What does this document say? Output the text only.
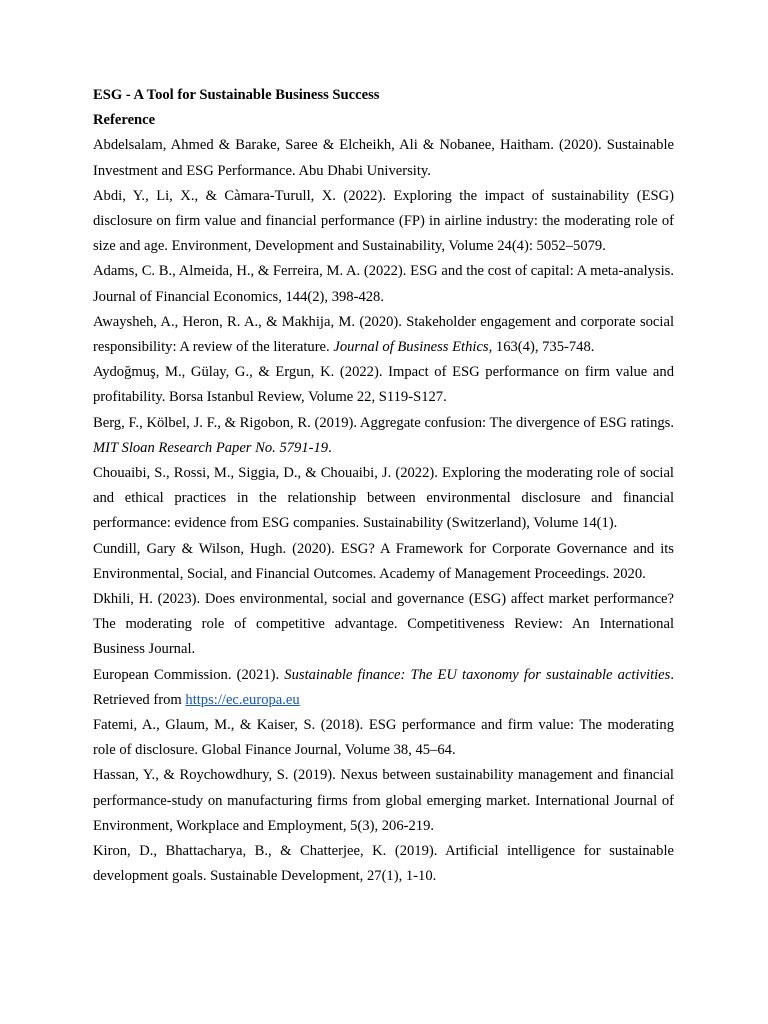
ESG - A Tool for Sustainable Business Success

Reference

Abdelsalam, Ahmed & Barake, Saree & Elcheikh, Ali & Nobanee, Haitham. (2020). Sustainable Investment and ESG Performance. Abu Dhabi University.

Abdi, Y., Li, X., & Càmara-Turull, X. (2022). Exploring the impact of sustainability (ESG) disclosure on firm value and financial performance (FP) in airline industry: the moderating role of size and age. Environment, Development and Sustainability, Volume 24(4): 5052–5079.

Adams, C. B., Almeida, H., & Ferreira, M. A. (2022). ESG and the cost of capital: A meta-analysis. Journal of Financial Economics, 144(2), 398-428.

Awaysheh, A., Heron, R. A., & Makhija, M. (2020). Stakeholder engagement and corporate social responsibility: A review of the literature. Journal of Business Ethics, 163(4), 735-748.

Aydoğmuş, M., Gülay, G., & Ergun, K. (2022). Impact of ESG performance on firm value and profitability. Borsa Istanbul Review, Volume 22, S119-S127.

Berg, F., Kölbel, J. F., & Rigobon, R. (2019). Aggregate confusion: The divergence of ESG ratings. MIT Sloan Research Paper No. 5791-19.

Chouaibi, S., Rossi, M., Siggia, D., & Chouaibi, J. (2022). Exploring the moderating role of social and ethical practices in the relationship between environmental disclosure and financial performance: evidence from ESG companies. Sustainability (Switzerland), Volume 14(1).

Cundill, Gary & Wilson, Hugh. (2020). ESG? A Framework for Corporate Governance and its Environmental, Social, and Financial Outcomes. Academy of Management Proceedings. 2020.

Dkhili, H. (2023). Does environmental, social and governance (ESG) affect market performance? The moderating role of competitive advantage. Competitiveness Review: An International Business Journal.

European Commission. (2021). Sustainable finance: The EU taxonomy for sustainable activities. Retrieved from https://ec.europa.eu

Fatemi, A., Glaum, M., & Kaiser, S. (2018). ESG performance and firm value: The moderating role of disclosure. Global Finance Journal, Volume 38, 45–64.

Hassan, Y., & Roychowdhury, S. (2019). Nexus between sustainability management and financial performance-study on manufacturing firms from global emerging market. International Journal of Environment, Workplace and Employment, 5(3), 206-219.

Kiron, D., Bhattacharya, B., & Chatterjee, K. (2019). Artificial intelligence for sustainable development goals. Sustainable Development, 27(1), 1-10.
